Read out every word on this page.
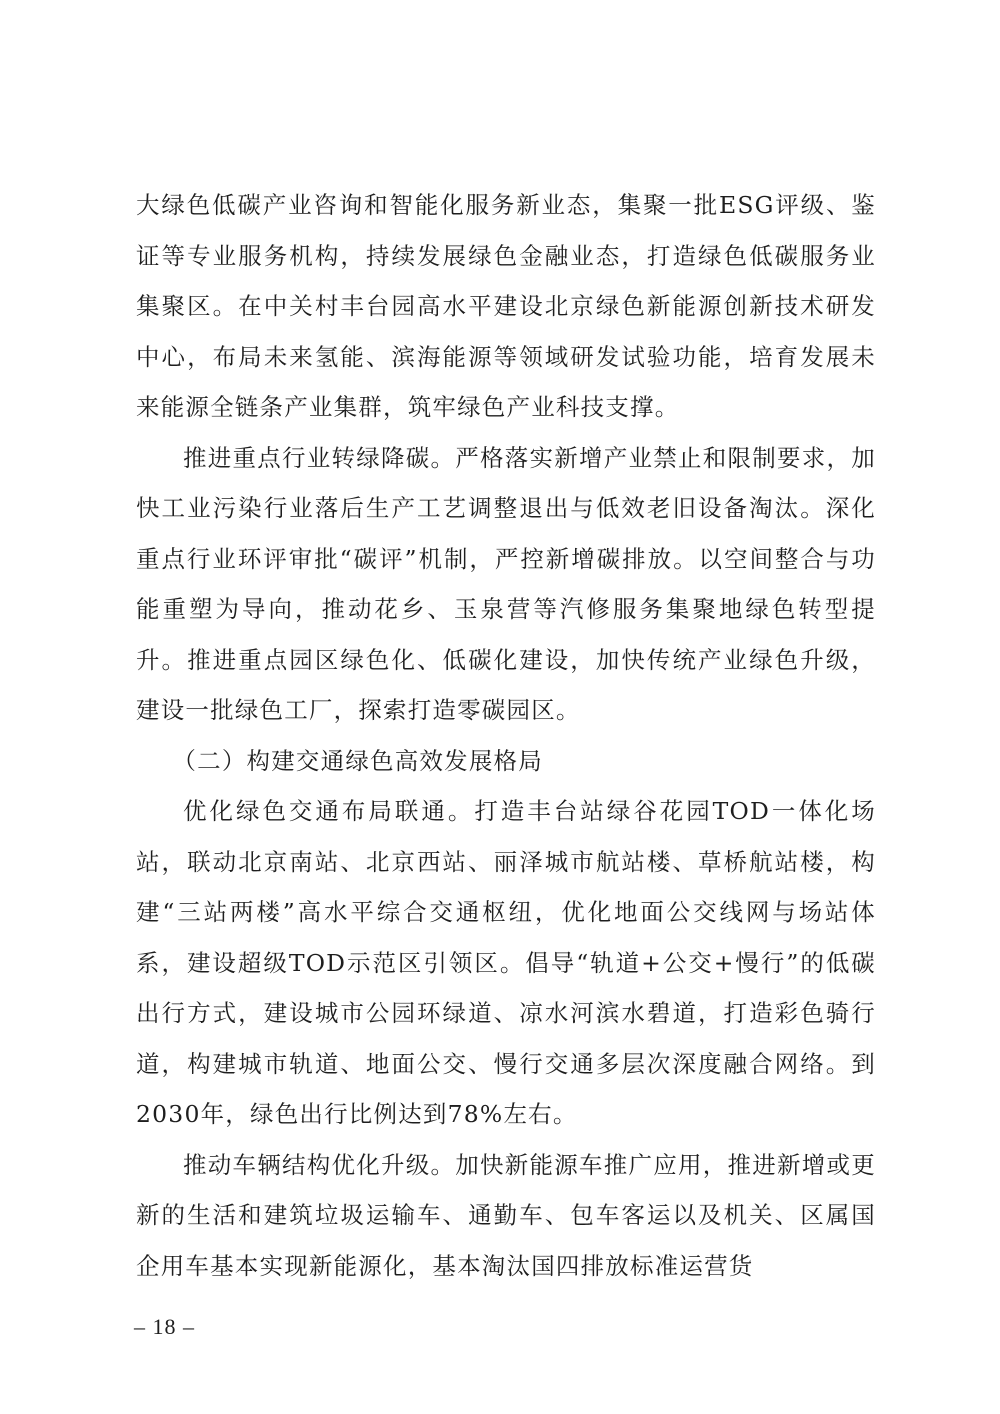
大绿色低碳产业咨询和智能化服务新业态，集聚一批ESG评级、鉴证等专业服务机构，持续发展绿色金融业态，打造绿色低碳服务业集聚区。在中关村丰台园高水平建设北京绿色新能源创新技术研发中心，布局未来氢能、滨海能源等领域研发试验功能，培育发展未来能源全链条产业集群，筑牢绿色产业科技支撑。

推进重点行业转绿降碳。严格落实新增产业禁止和限制要求，加快工业污染行业落后生产工艺调整退出与低效老旧设备淘汰。深化重点行业环评审批“碳评”机制，严控新增碳排放。以空间整合与功能重塑为导向，推动花乡、玉泉营等汽修服务集聚地绿色转型提升。推进重点园区绿色化、低碳化建设，加快传统产业绿色升级，建设一批绿色工厂，探索打造零碳园区。

（二）构建交通绿色高效发展格局

优化绿色交通布局联通。打造丰台站绿谷花园TOD一体化场站，联动北京南站、北京西站、丽泽城市航站楼、草桥航站楼，构建“三站两楼”高水平综合交通枢纽，优化地面公交线网与场站体系，建设超级TOD示范区引领区。倡导“轨道+公交+慢行”的低碳出行方式，建设城市公园环绿道、凉水河滨水碧道，打造彩色骑行道，构建城市轨道、地面公交、慢行交通多层次深度融合网络。到2030年，绿色出行比例达到78%左右。

推动车辆结构优化升级。加快新能源车推广应用，推进新增或更新的生活和建筑垃圾运输车、通勤车、包车客运以及机关、区属国企用车基本实现新能源化，基本淘汰国四排放标准运营货

– 18 –
